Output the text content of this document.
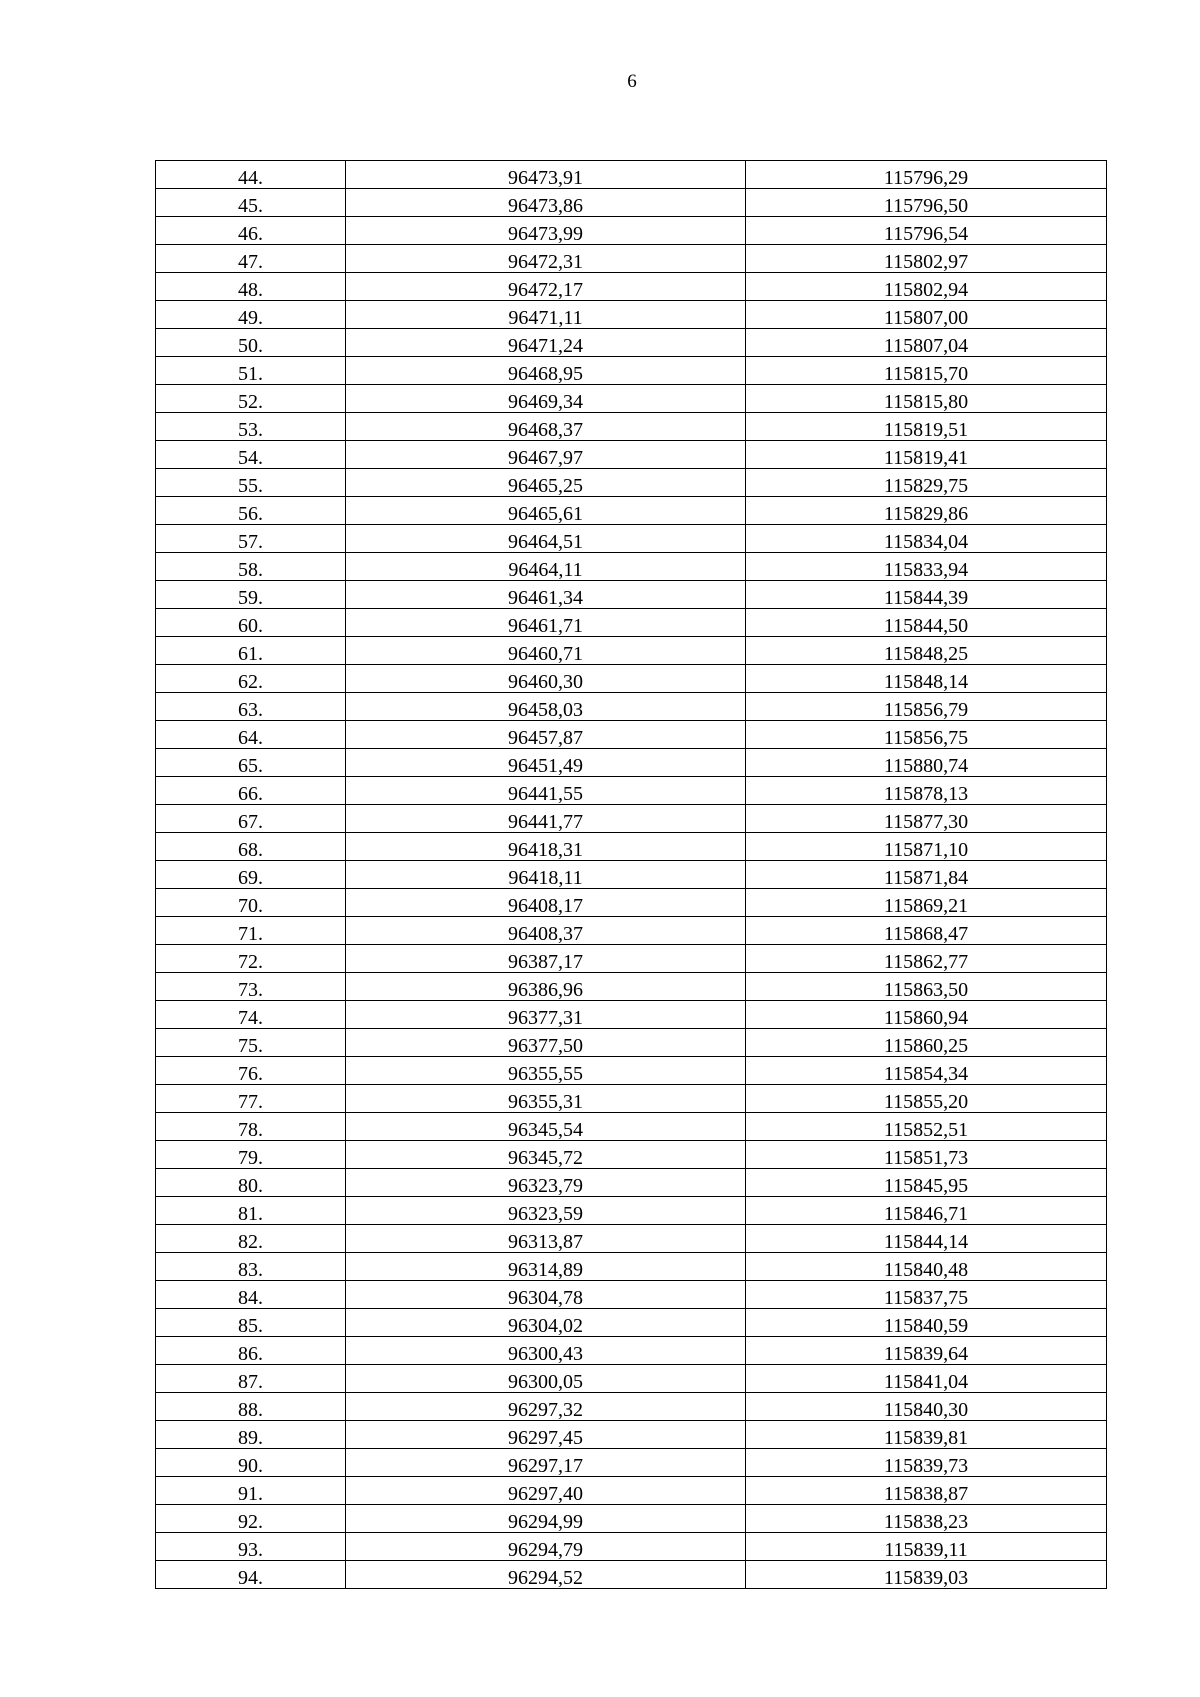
6
44.	96473,91	115796,29
45.	96473,86	115796,50
46.	96473,99	115796,54
47.	96472,31	115802,97
48.	96472,17	115802,94
49.	96471,11	115807,00
50.	96471,24	115807,04
51.	96468,95	115815,70
52.	96469,34	115815,80
53.	96468,37	115819,51
54.	96467,97	115819,41
55.	96465,25	115829,75
56.	96465,61	115829,86
57.	96464,51	115834,04
58.	96464,11	115833,94
59.	96461,34	115844,39
60.	96461,71	115844,50
61.	96460,71	115848,25
62.	96460,30	115848,14
63.	96458,03	115856,79
64.	96457,87	115856,75
65.	96451,49	115880,74
66.	96441,55	115878,13
67.	96441,77	115877,30
68.	96418,31	115871,10
69.	96418,11	115871,84
70.	96408,17	115869,21
71.	96408,37	115868,47
72.	96387,17	115862,77
73.	96386,96	115863,50
74.	96377,31	115860,94
75.	96377,50	115860,25
76.	96355,55	115854,34
77.	96355,31	115855,20
78.	96345,54	115852,51
79.	96345,72	115851,73
80.	96323,79	115845,95
81.	96323,59	115846,71
82.	96313,87	115844,14
83.	96314,89	115840,48
84.	96304,78	115837,75
85.	96304,02	115840,59
86.	96300,43	115839,64
87.	96300,05	115841,04
88.	96297,32	115840,30
89.	96297,45	115839,81
90.	96297,17	115839,73
91.	96297,40	115838,87
92.	96294,99	115838,23
93.	96294,79	115839,11
94.	96294,52	115839,03
